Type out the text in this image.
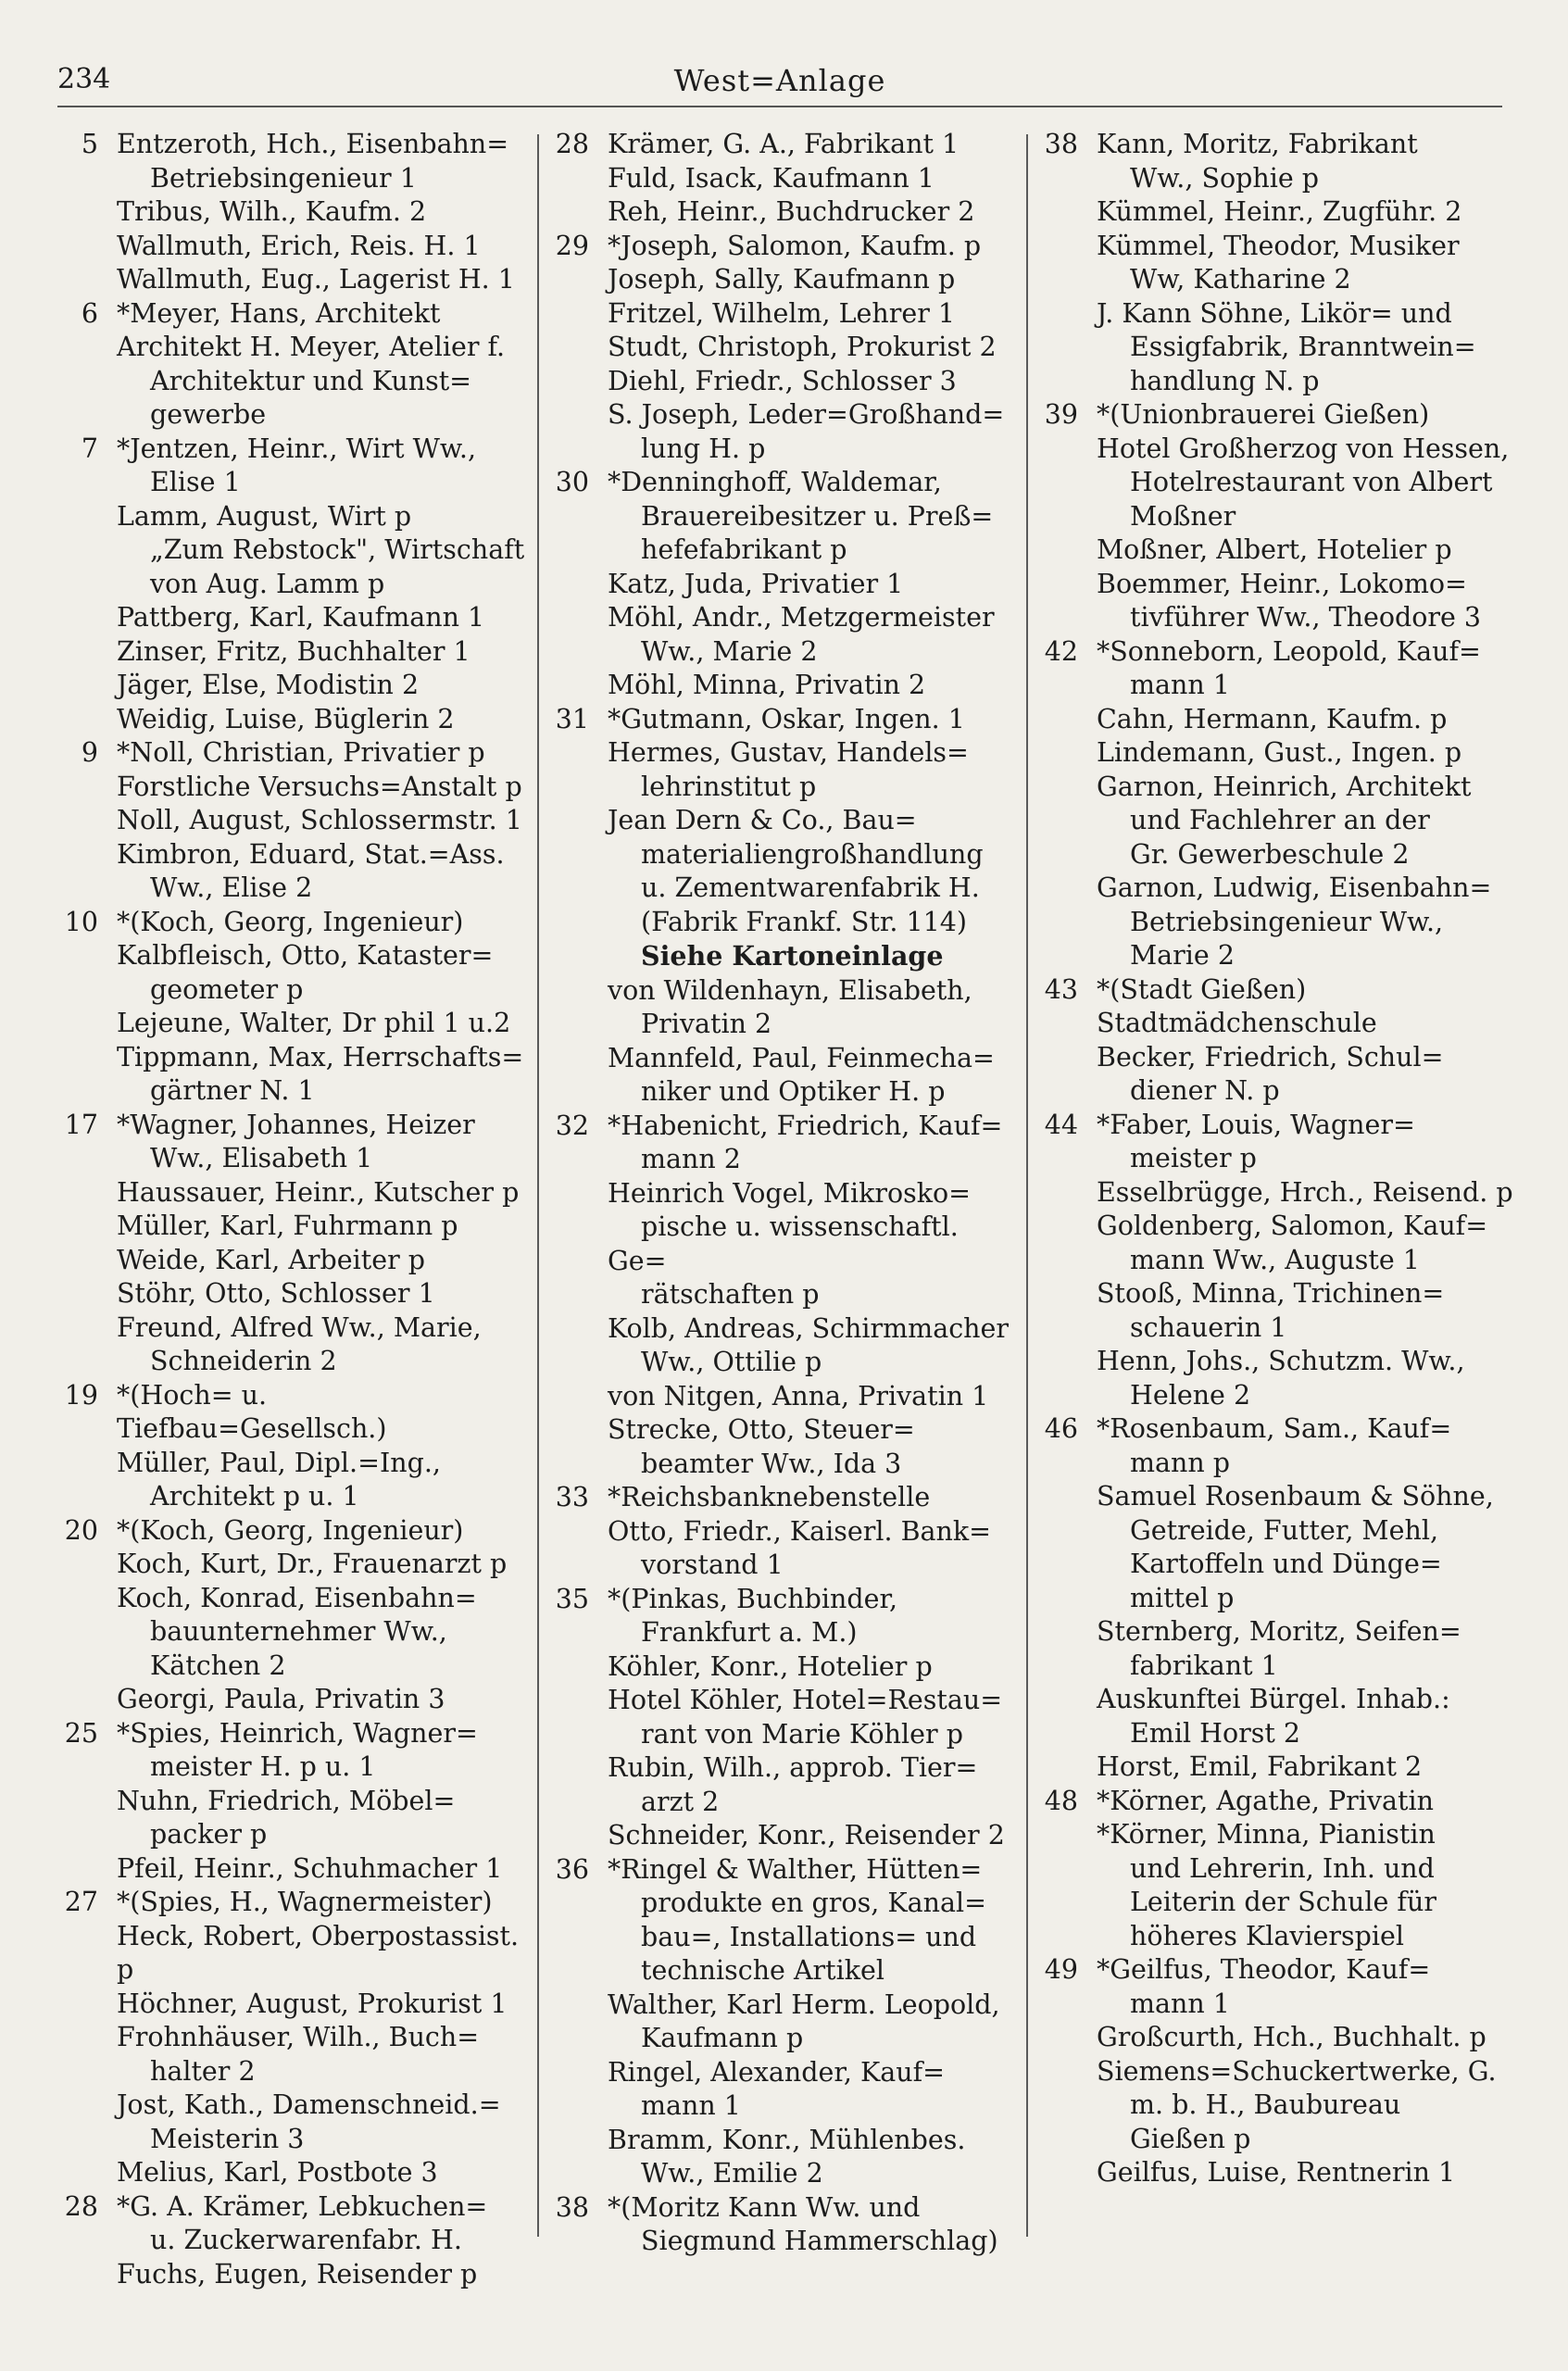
234	West=Anlage
5 Entzeroth, Hch., Eisenbahn=
Betriebsingenieur 1
Tribus, Wilh., Kaufm. 2
Wallmuth, Erich, Reis. H. 1
Wallmuth, Eug., Lagerist H. 1
6 *Meyer, Hans, Architekt
Architekt H. Meyer, Atelier f.
Architektur und Kunst=
gewerbe
7 *Jentzen, Heinr., Wirt Ww.,
Elise 1
Lamm, August, Wirt p
„Zum Rebstock", Wirtschaft
von Aug. Lamm p
Pattberg, Karl, Kaufmann 1
Zinser, Fritz, Buchhalter 1
Jäger, Else, Modistin 2
Weidig, Luise, Büglerin 2
9 *Noll, Christian, Privatier p
Forstliche Versuchs=Anstalt p
Noll, August, Schlossermstr. 1
Kimbron, Eduard, Stat.=Ass.
Ww., Elise 2
10 *(Koch, Georg, Ingenieur)
Kalbfleisch, Otto, Kataster=
geometer p
Lejeune, Walter, Dr phil 1 u.2
Tippmann, Max, Herrschafts=
gärtner N. 1
17 *Wagner, Johannes, Heizer
Ww., Elisabeth 1
Haussauer, Heinr., Kutscher p
Müller, Karl, Fuhrmann p
Weide, Karl, Arbeiter p
Stöhr, Otto, Schlosser 1
Freund, Alfred Ww., Marie,
Schneiderin 2
19 *(Hoch= u. Tiefbau=Gesellsch.)
Müller, Paul, Dipl.=Ing.,
Architekt p u. 1
20 *(Koch, Georg, Ingenieur)
Koch, Kurt, Dr., Frauenarzt p
Koch, Konrad, Eisenbahn=
bauunternehmer Ww.,
Kätchen 2
Georgi, Paula, Privatin 3
25 *Spies, Heinrich, Wagner=
meister H. p u. 1
Nuhn, Friedrich, Möbel=
packer p
Pfeil, Heinr., Schuhmacher 1
27 *(Spies, H., Wagnermeister)
Heck, Robert, Oberpostassist. p
Höchner, August, Prokurist 1
Frohnhäuser, Wilh., Buch=
halter 2
Jost, Kath., Damenschneid.=
Meisterin 3
Melius, Karl, Postbote 3
28 *G. A. Krämer, Lebkuchen=
u. Zuckerwarenfabr. H.
Fuchs, Eugen, Reisender p
28 Krämer, G. A., Fabrikant 1
Fuld, Isack, Kaufmann 1
Reh, Heinr., Buchdrucker 2
29 *Joseph, Salomon, Kaufm. p
Joseph, Sally, Kaufmann p
Fritzel, Wilhelm, Lehrer 1
Studt, Christoph, Prokurist 2
Diehl, Friedr., Schlosser 3
S. Joseph, Leder=Großhand=
lung H. p
30 *Denninghoff, Waldemar,
Brauereibesitzer u. Preß=
hefefabrikant p
Katz, Juda, Privatier 1
Möhl, Andr., Metzgermeister
Ww., Marie 2
Möhl, Minna, Privatin 2
31 *Gutmann, Oskar, Ingen. 1
Hermes, Gustav, Handels=
lehrinstitut p
Jean Dern & Co., Bau=
materialiengroßhandlung
u. Zementwarenfabrik H.
(Fabrik Frankf. Str. 114)
Siehe Kartoneinlage
von Wildenhayn, Elisabeth,
Privatin 2
Mannfeld, Paul, Feinmecha=
niker und Optiker H. p
32 *Habenicht, Friedrich, Kauf=
mann 2
Heinrich Vogel, Mikrosko=
pische u. wissenschaftl. Ge=
rätschaften p
Kolb, Andreas, Schirmmacher
Ww., Ottilie p
von Nitgen, Anna, Privatin 1
Strecke, Otto, Steuer=
beamter Ww., Ida 3
33 *Reichsbanknebenstelle
Otto, Friedr., Kaiserl. Bank=
vorstand 1
35 *(Pinkas, Buchbinder,
Frankfurt a. M.)
Köhler, Konr., Hotelier p
Hotel Köhler, Hotel=Restau=
rant von Marie Köhler p
Rubin, Wilh., approb. Tier=
arzt 2
Schneider, Konr., Reisender 2
36 *Ringel & Walther, Hütten=
produkte en gros, Kanal=
bau=, Installations= und
technische Artikel
Walther, Karl Herm. Leopold,
Kaufmann p
Ringel, Alexander, Kauf=
mann 1
Bramm, Konr., Mühlenbes.
Ww., Emilie 2
38 *(Moritz Kann Ww. und
Siegmund Hammerschlag)
38 Kann, Moritz, Fabrikant
Ww., Sophie p
Kümmel, Heinr., Zugführ. 2
Kümmel, Theodor, Musiker
Ww, Katharine 2
J. Kann Söhne, Likör= und
Essigfabrik, Branntwein=
handlung N. p
39 *(Unionbrauerei Gießen)
Hotel Großherzog von Hessen,
Hotelrestaurant von Albert
Moßner
Moßner, Albert, Hotelier p
Boemmer, Heinr., Lokomo=
tivführer Ww., Theodore 3
42 *Sonneborn, Leopold, Kauf=
mann 1
Cahn, Hermann, Kaufm. p
Lindemann, Gust., Ingen. p
Garnon, Heinrich, Architekt
und Fachlehrer an der
Gr. Gewerbeschule 2
Garnon, Ludwig, Eisenbahn=
Betriebsingenieur Ww.,
Marie 2
43 *(Stadt Gießen)
Stadtmädchenschule
Becker, Friedrich, Schul=
diener N. p
44 *Faber, Louis, Wagner=
meister p
Esselbrügge, Hrch., Reisend. p
Goldenberg, Salomon, Kauf=
mann Ww., Auguste 1
Stooß, Minna, Trichinen=
schauerin 1
Henn, Johs., Schutzm. Ww.,
Helene 2
46 *Rosenbaum, Sam., Kauf=
mann p
Samuel Rosenbaum & Söhne,
Getreide, Futter, Mehl,
Kartoffeln und Dünge=
mittel p
Sternberg, Moritz, Seifen=
fabrikant 1
Auskunftei Bürgel. Inhab.:
Emil Horst 2
Horst, Emil, Fabrikant 2
48 *Körner, Agathe, Privatin
*Körner, Minna, Pianistin
und Lehrerin, Inh. und
Leiterin der Schule für
höheres Klavierspiel
49 *Geilfus, Theodor, Kauf=
mann 1
Großcurth, Hch., Buchhalt. p
Siemens=Schuckertwerke, G.
m. b. H., Baubureau
Gießen p
Geilfus, Luise, Rentnerin 1
